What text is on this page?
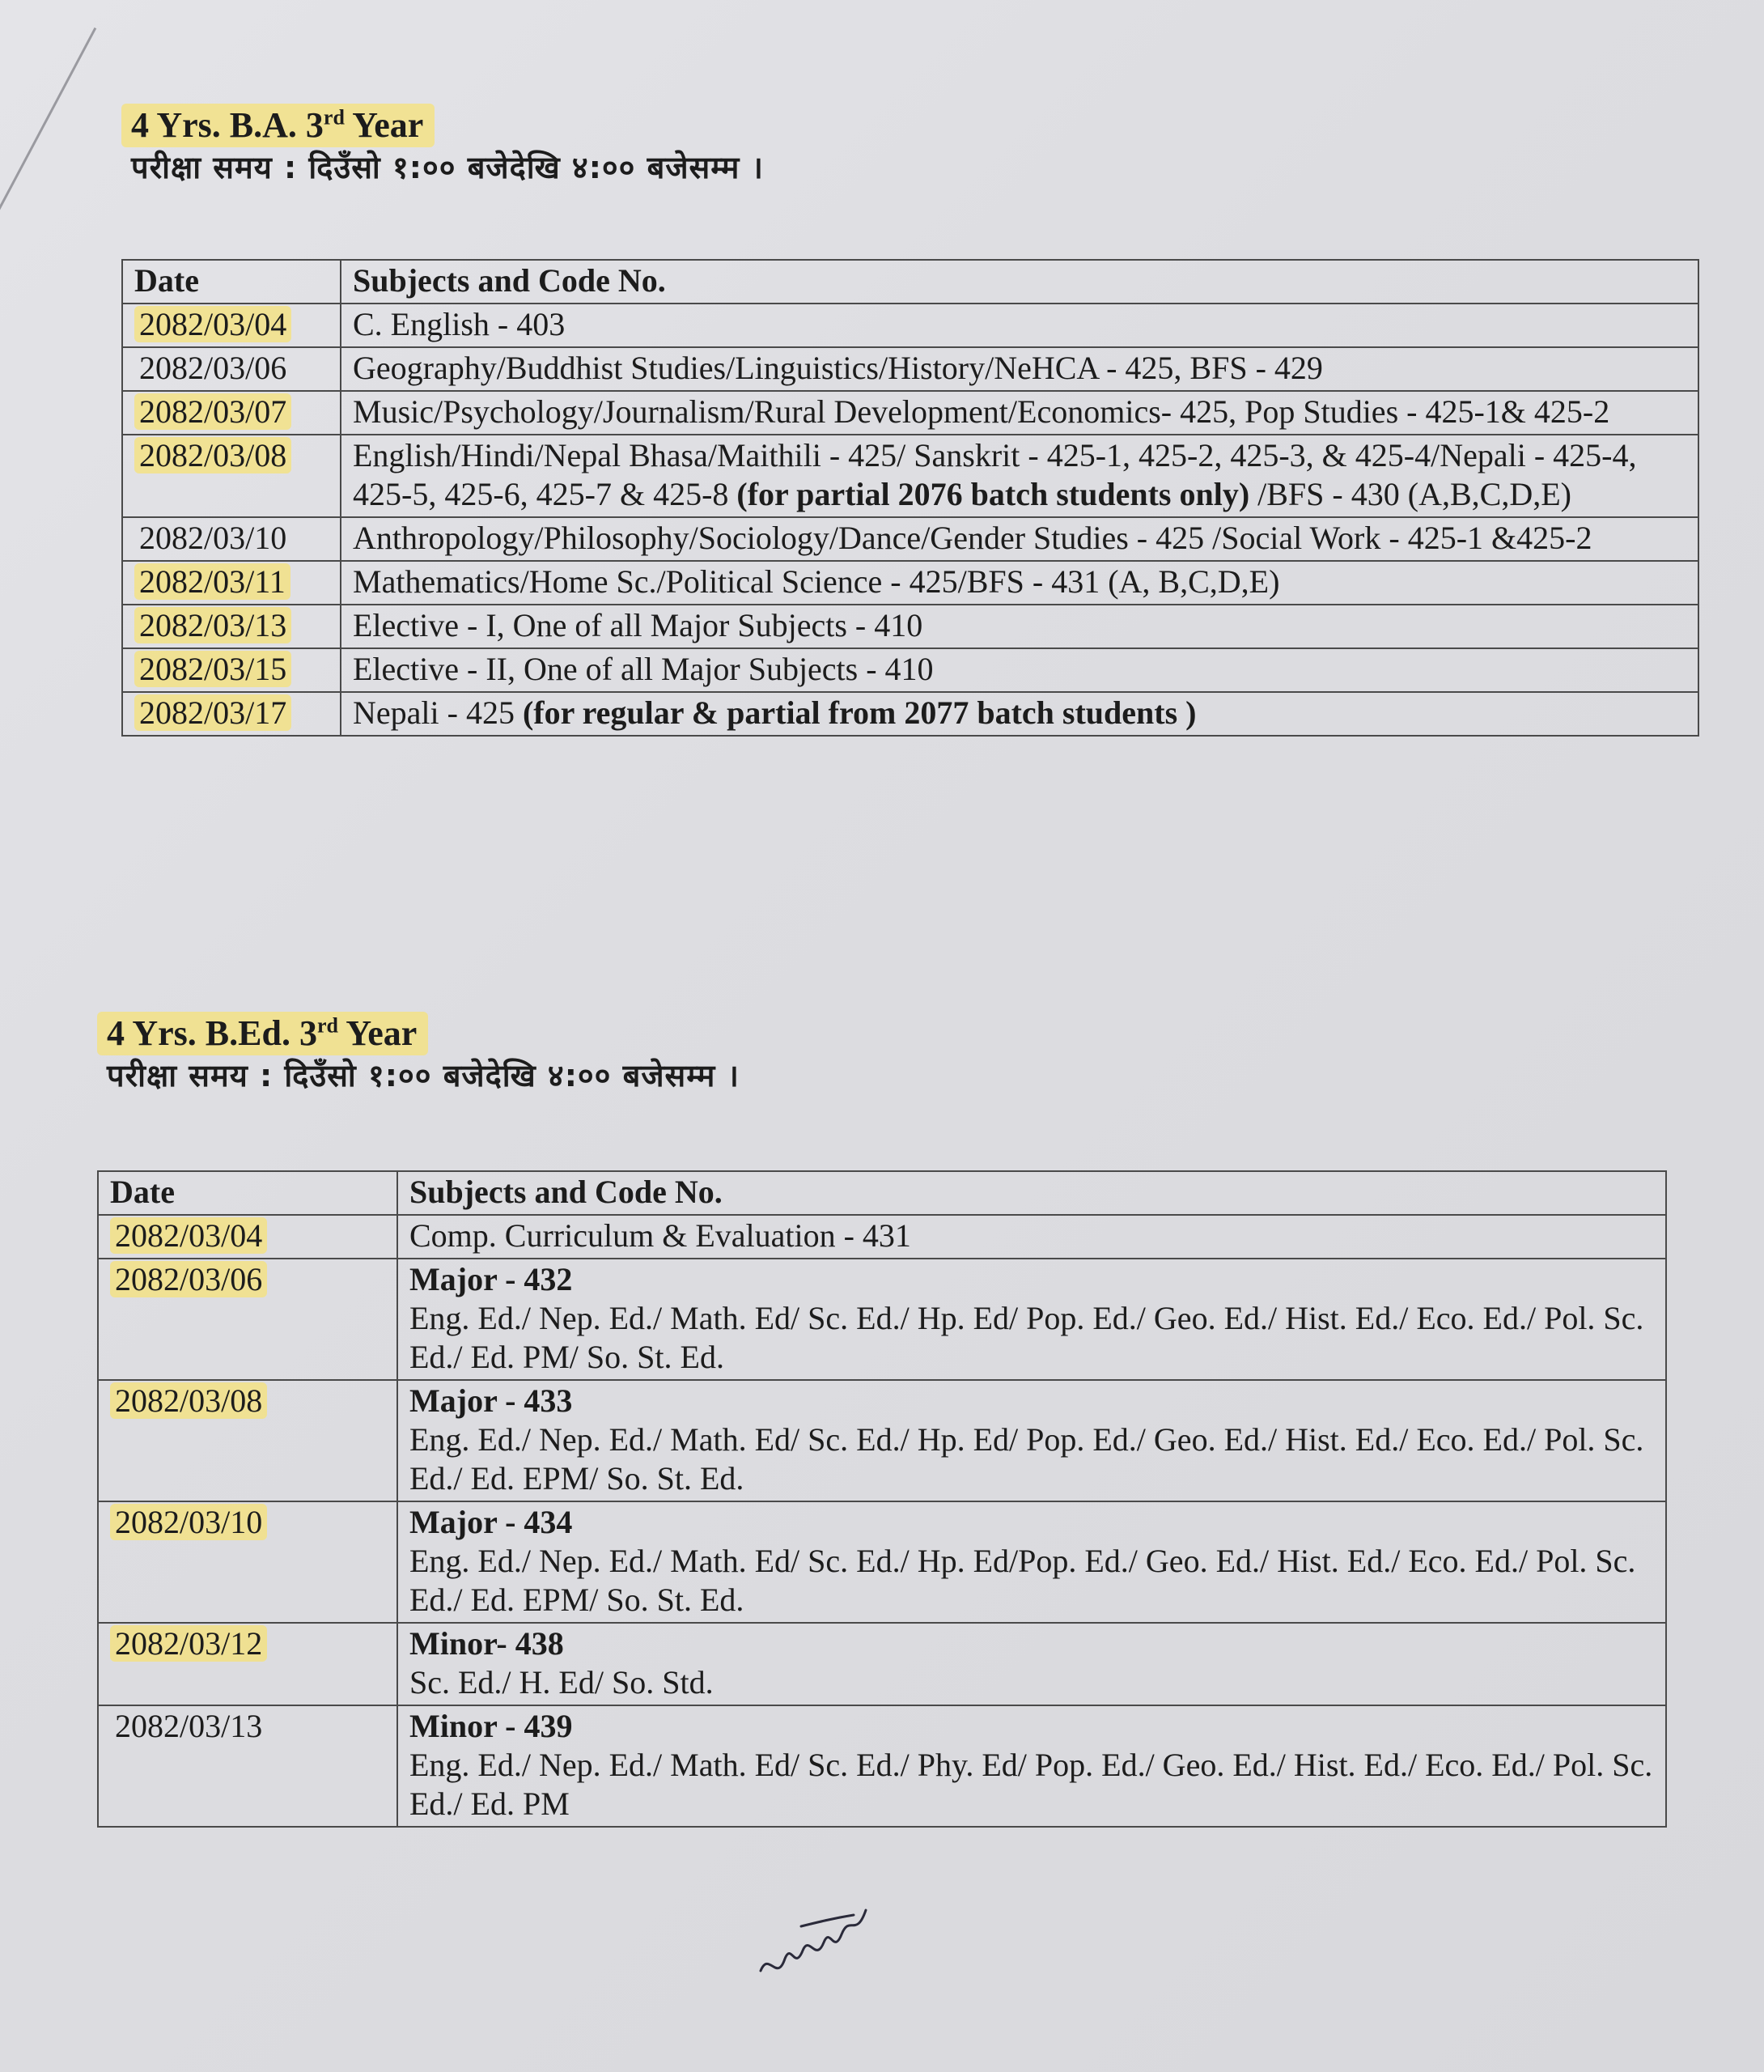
4 Yrs. B.A. 3rd Year
परीक्षा समय : दिउँसो १:०० बजेदेखि ४:०० बजेसम्म ।
Date	Subjects and Code No.
2082/03/04	C. English - 403
2082/03/06	Geography/Buddhist Studies/Linguistics/History/NeHCA - 425, BFS - 429
2082/03/07	Music/Psychology/Journalism/Rural Development/Economics- 425, Pop Studies - 425-1& 425-2
2082/03/08	English/Hindi/Nepal Bhasa/Maithili - 425/ Sanskrit - 425-1, 425-2, 425-3, & 425-4/Nepali - 425-4, 425-5, 425-6, 425-7 & 425-8 (for partial 2076 batch students only) /BFS - 430 (A,B,C,D,E)
2082/03/10	Anthropology/Philosophy/Sociology/Dance/Gender Studies - 425 /Social Work - 425-1 &425-2
2082/03/11	Mathematics/Home Sc./Political Science - 425/BFS - 431 (A, B,C,D,E)
2082/03/13	Elective - I, One of all Major Subjects - 410
2082/03/15	Elective - II, One of all Major Subjects - 410
2082/03/17	Nepali - 425 (for regular & partial from 2077 batch students )
4 Yrs. B.Ed. 3rd Year
परीक्षा समय : दिउँसो १:०० बजेदेखि ४:०० बजेसम्म ।
Date	Subjects and Code No.
2082/03/04	Comp. Curriculum & Evaluation - 431

2082/03/06	Major - 432
Eng. Ed./ Nep. Ed./ Math. Ed/ Sc. Ed./ Hp. Ed/ Pop. Ed./ Geo. Ed./ Hist. Ed./ Eco. Ed./ Pol. Sc. Ed./ Ed. PM/ So. St. Ed.

2082/03/08	Major - 433
Eng. Ed./ Nep. Ed./ Math. Ed/ Sc. Ed./ Hp. Ed/ Pop. Ed./ Geo. Ed./ Hist. Ed./ Eco. Ed./ Pol. Sc. Ed./ Ed. EPM/ So. St. Ed.

2082/03/10	Major - 434
Eng. Ed./ Nep. Ed./ Math. Ed/ Sc. Ed./ Hp. Ed/Pop. Ed./ Geo. Ed./ Hist. Ed./ Eco. Ed./ Pol. Sc. Ed./ Ed. EPM/ So. St. Ed.

2082/03/12	Minor- 438
Sc. Ed./ H. Ed/ So. Std.

2082/03/13	Minor - 439
Eng. Ed./ Nep. Ed./ Math. Ed/ Sc. Ed./ Phy. Ed/ Pop. Ed./ Geo. Ed./ Hist. Ed./ Eco. Ed./ Pol. Sc. Ed./ Ed. PM
